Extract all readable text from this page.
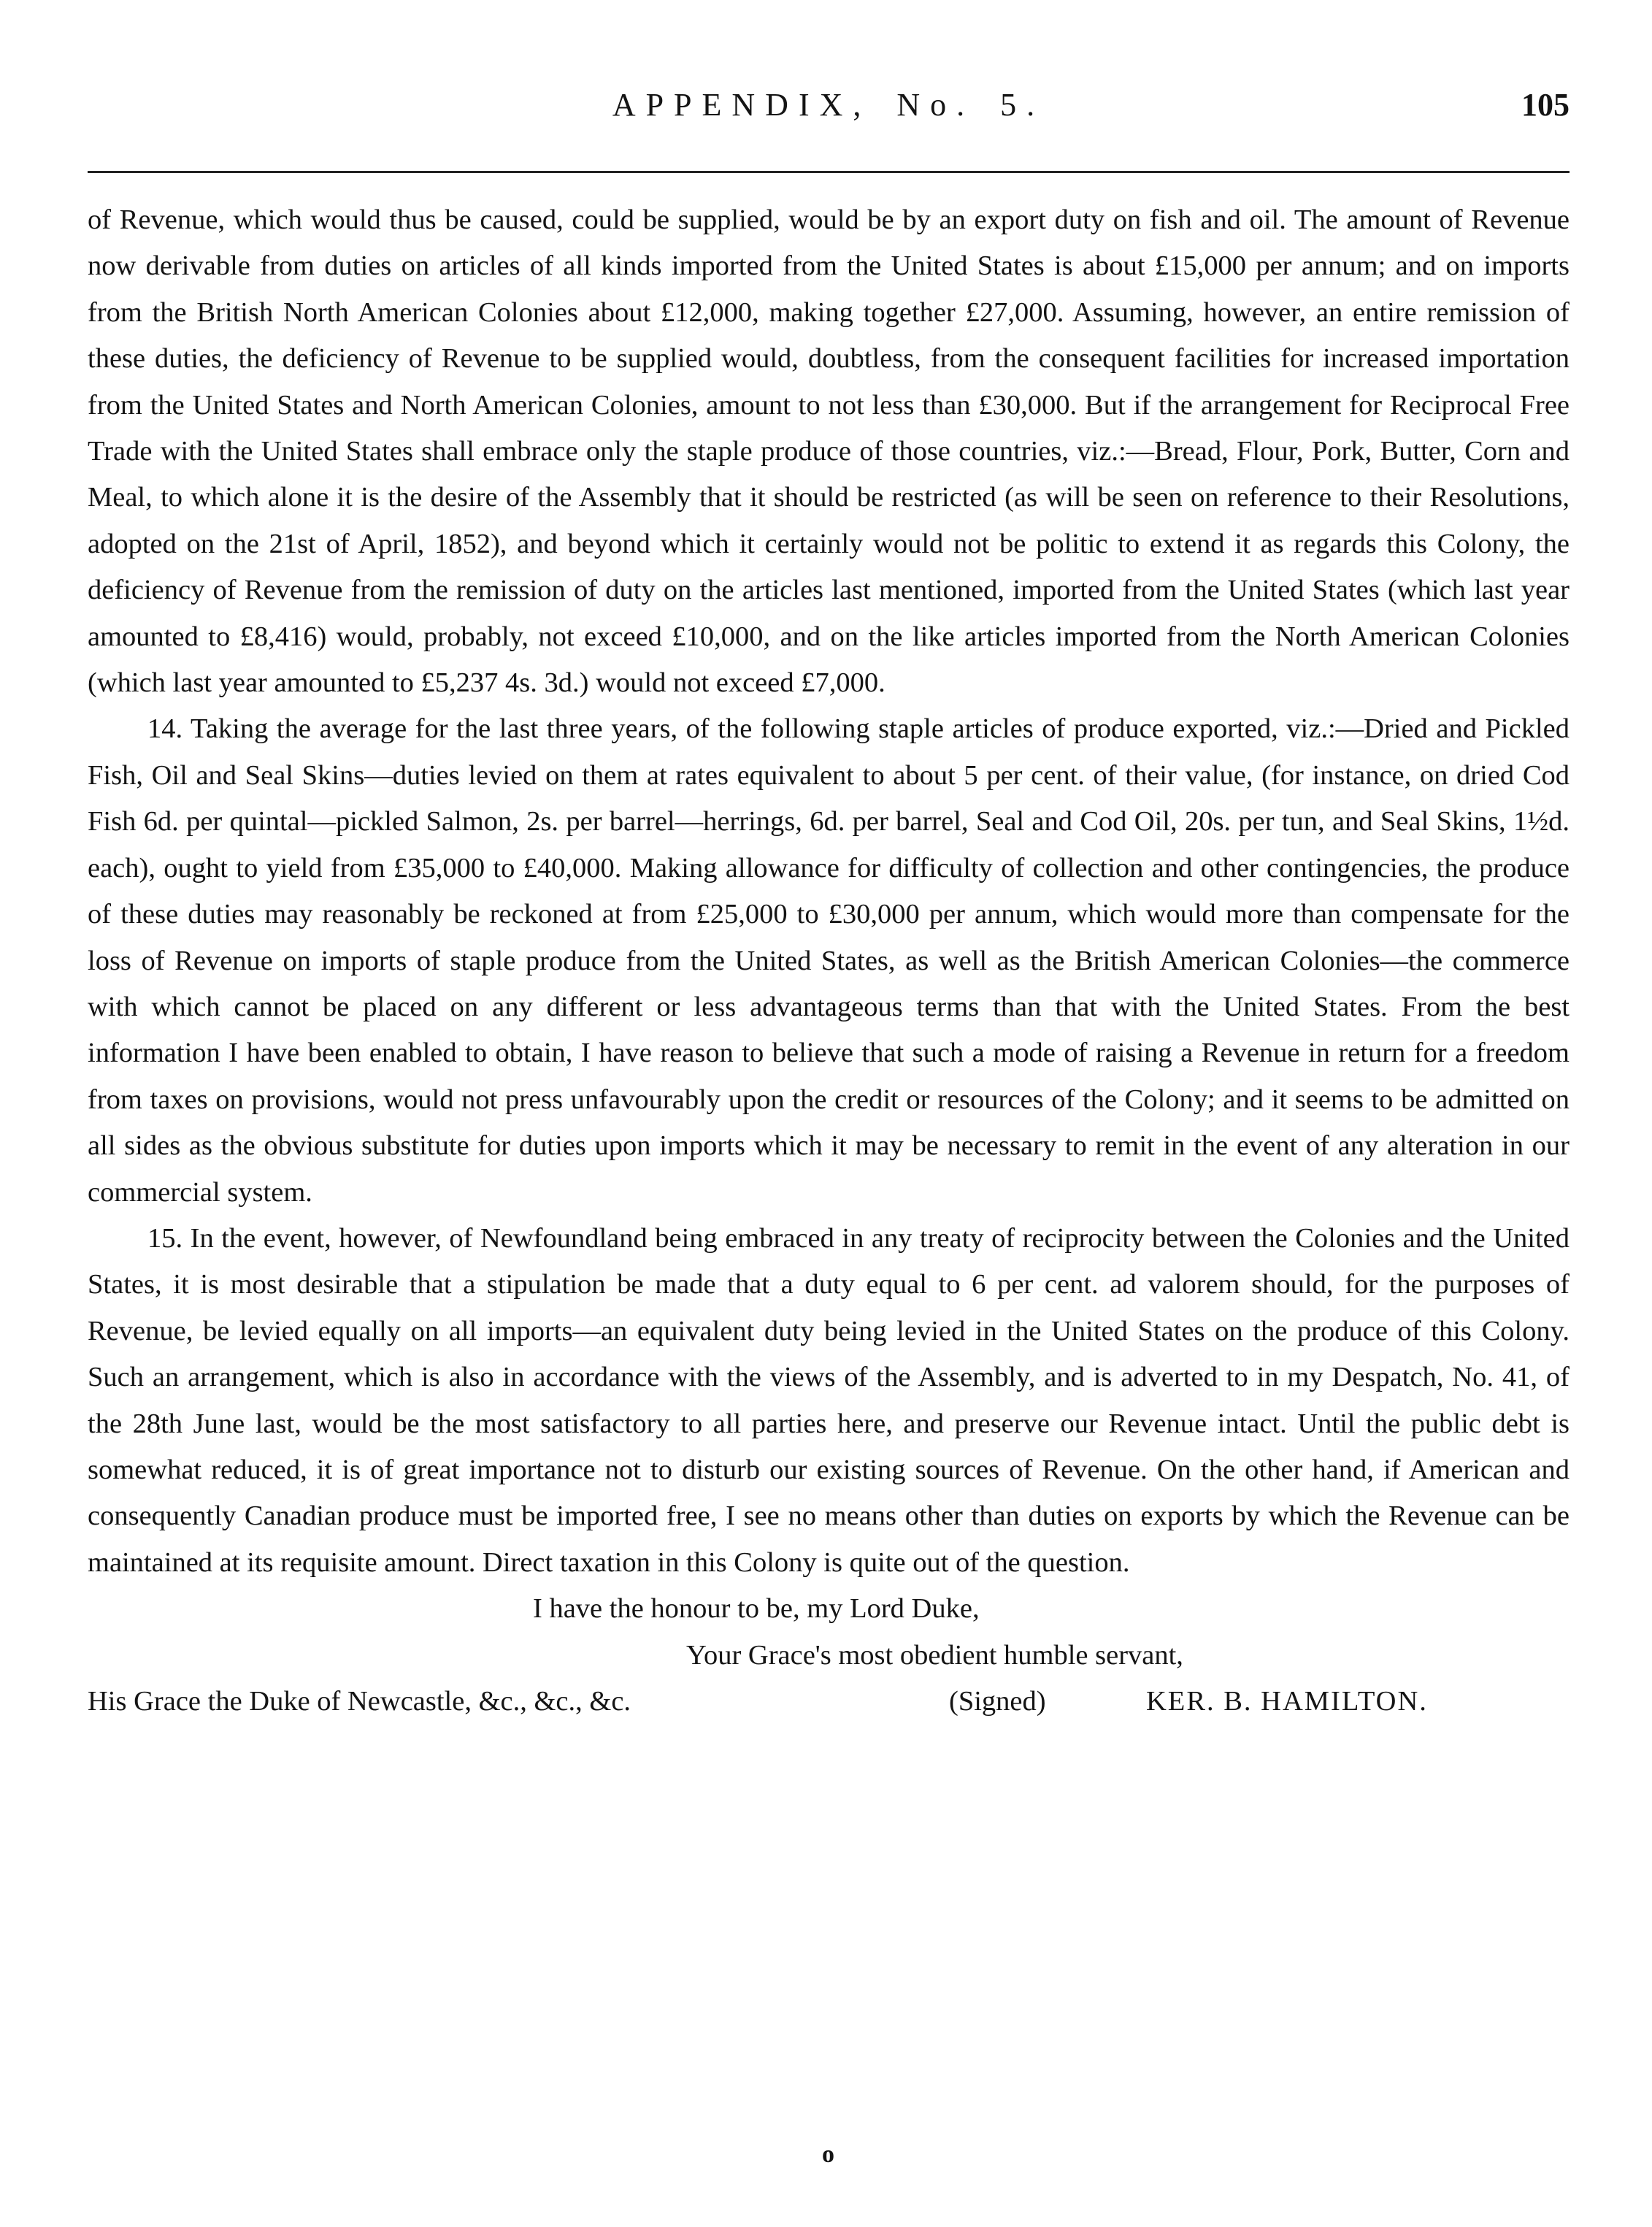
APPENDIX, No. 5.	105

of Revenue, which would thus be caused, could be supplied, would be by an export duty on fish and oil. The amount of Revenue now derivable from duties on articles of all kinds imported from the United States is about £15,000 per annum; and on imports from the British North American Colonies about £12,000, making together £27,000. Assuming, however, an entire remission of these duties, the deficiency of Revenue to be supplied would, doubtless, from the consequent facilities for increased importation from the United States and North American Colonies, amount to not less than £30,000. But if the arrangement for Reciprocal Free Trade with the United States shall embrace only the staple produce of those countries, viz.:—Bread, Flour, Pork, Butter, Corn and Meal, to which alone it is the desire of the Assembly that it should be restricted (as will be seen on reference to their Resolutions, adopted on the 21st of April, 1852), and beyond which it certainly would not be politic to extend it as regards this Colony, the deficiency of Revenue from the remission of duty on the articles last mentioned, imported from the United States (which last year amounted to £8,416) would, probably, not exceed £10,000, and on the like articles imported from the North American Colonies (which last year amounted to £5,237 4s. 3d.) would not exceed £7,000.

14. Taking the average for the last three years, of the following staple articles of produce exported, viz.:—Dried and Pickled Fish, Oil and Seal Skins—duties levied on them at rates equivalent to about 5 per cent. of their value, (for instance, on dried Cod Fish 6d. per quintal—pickled Salmon, 2s. per barrel—herrings, 6d. per barrel, Seal and Cod Oil, 20s. per tun, and Seal Skins, 1½d. each), ought to yield from £35,000 to £40,000. Making allowance for difficulty of collection and other contingencies, the produce of these duties may reasonably be reckoned at from £25,000 to £30,000 per annum, which would more than compensate for the loss of Revenue on imports of staple produce from the United States, as well as the British American Colonies—the commerce with which cannot be placed on any different or less advantageous terms than that with the United States. From the best information I have been enabled to obtain, I have reason to believe that such a mode of raising a Revenue in return for a freedom from taxes on provisions, would not press unfavourably upon the credit or resources of the Colony; and it seems to be admitted on all sides as the obvious substitute for duties upon imports which it may be necessary to remit in the event of any alteration in our commercial system.

15. In the event, however, of Newfoundland being embraced in any treaty of reciprocity between the Colonies and the United States, it is most desirable that a stipulation be made that a duty equal to 6 per cent. ad valorem should, for the purposes of Revenue, be levied equally on all imports—an equivalent duty being levied in the United States on the produce of this Colony. Such an arrangement, which is also in accordance with the views of the Assembly, and is adverted to in my Despatch, No. 41, of the 28th June last, would be the most satisfactory to all parties here, and preserve our Revenue intact. Until the public debt is somewhat reduced, it is of great importance not to disturb our existing sources of Revenue. On the other hand, if American and consequently Canadian produce must be imported free, I see no means other than duties on exports by which the Revenue can be maintained at its requisite amount. Direct taxation in this Colony is quite out of the question.

I have the honour to be, my Lord Duke,
Your Grace's most obedient humble servant,
His Grace the Duke of Newcastle, &c., &c., &c.	(Signed)	KER. B. HAMILTON.
o
